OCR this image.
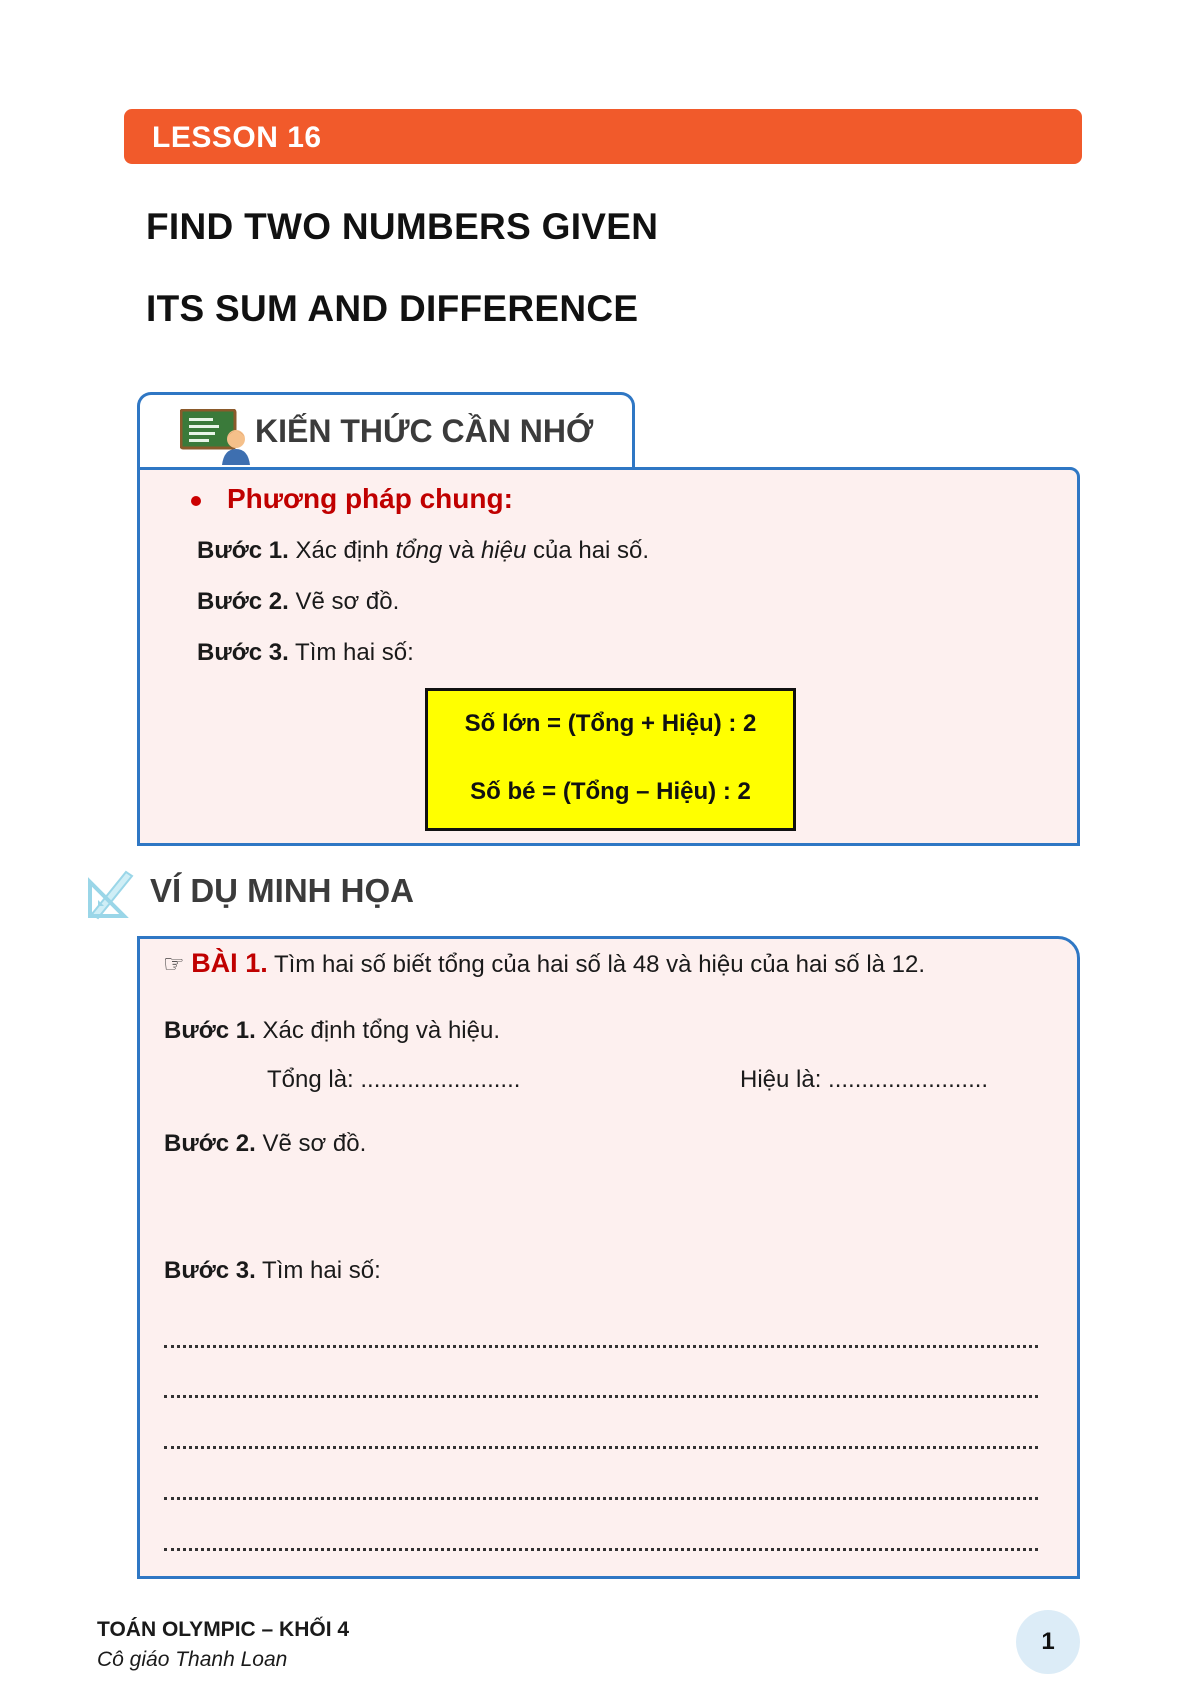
LESSON 16
FIND TWO NUMBERS GIVEN
ITS SUM AND DIFFERENCE
KIẾN THỨC CẦN NHỚ
Phương pháp chung:
Bước 1. Xác định tổng và hiệu của hai số.
Bước 2. Vẽ sơ đồ.
Bước 3. Tìm hai số:
Số lớn = (Tổng + Hiệu) : 2
Số bé = (Tổng – Hiệu) : 2
VÍ DỤ MINH HỌA
☞ BÀI 1. Tìm hai số biết tổng của hai số là 48 và hiệu của hai số là 12.
Bước 1. Xác định tổng và hiệu.
Tổng là: ........................	Hiệu là: ........................
Bước 2. Vẽ sơ đồ.
Bước 3. Tìm hai số:
TOÁN OLYMPIC – KHỐI 4
Cô giáo Thanh Loan
1
